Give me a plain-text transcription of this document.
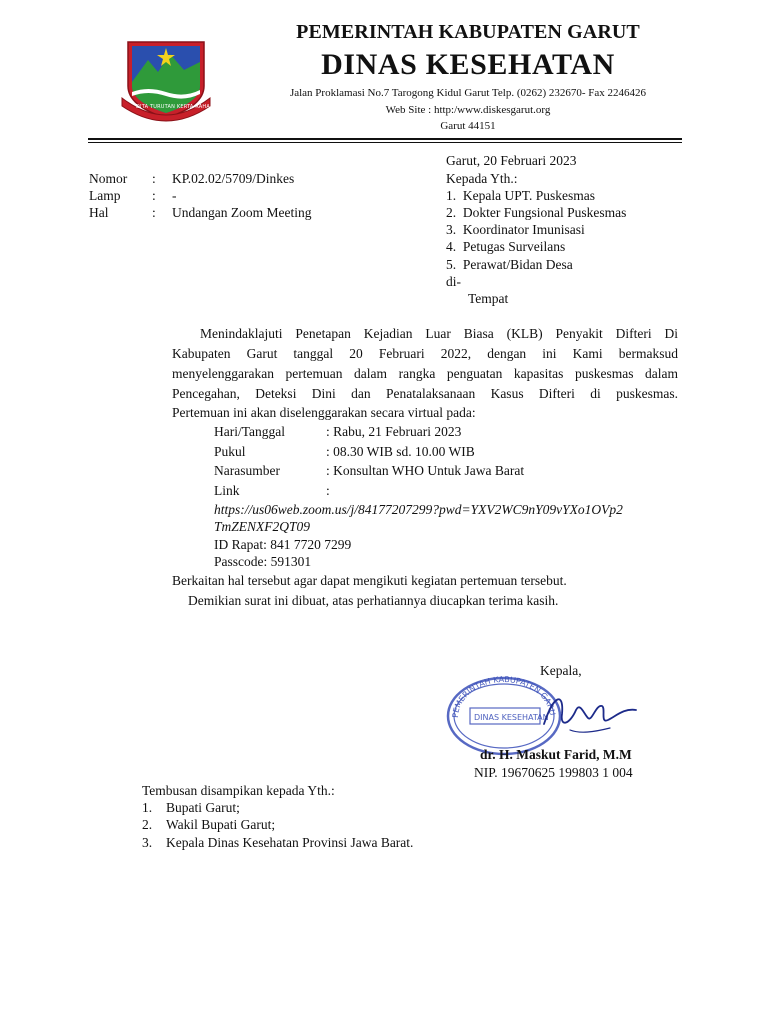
DITA TURUTAN KERTA RAHARJA
PEMERINTAH KABUPATEN GARUT
DINAS KESEHATAN
Jalan Proklamasi No.7 Tarogong Kidul Garut Telp. (0262) 232670- Fax 2246426
Web Site : http:/www.diskesgarut.org
Garut 44151
Garut, 20 Februari 2023
Nomor	:	KP.02.02/5709/Dinkes
Lamp	:	-
Hal	:	Undangan Zoom Meeting
Kepada Yth.:
1.  Kepala UPT. Puskesmas
2.  Dokter Fungsional Puskesmas
3.  Koordinator Imunisasi
4.  Petugas Surveilans
5.  Perawat/Bidan Desa
di-
Tempat
Menindaklajuti Penetapan Kejadian Luar Biasa (KLB) Penyakit Difteri Di
Kabupaten Garut tanggal 20 Februari 2022, dengan ini Kami bermaksud
menyelenggarakan pertemuan dalam rangka penguatan kapasitas puskesmas dalam
Pencegahan, Deteksi Dini dan Penatalaksanaan Kasus Difteri di puskesmas.
Pertemuan ini akan diselenggarakan secara virtual pada:
Hari/Tanggal	: Rabu, 21 Februari 2023
Pukul	: 08.30 WIB sd. 10.00 WIB
Narasumber	: Konsultan WHO Untuk Jawa Barat
Link	:
https://us06web.zoom.us/j/84177207299?pwd=YXV2WC9nY09vYXo1OVp2
TmZENXF2QT09
ID Rapat: 841 7720 7299
Passcode: 591301
Berkaitan hal tersebut agar dapat mengikuti kegiatan pertemuan tersebut.
Demikian surat ini dibuat, atas perhatiannya diucapkan terima kasih.
Kepala,
PEMERINTAH KABUPATEN GARU
DINAS KESEHATAN
dr. H. Maskut Farid, M.M
NIP. 19670625 199803 1 004
Tembusan disampikan kepada Yth.:
1. Bupati Garut;
2. Wakil Bupati Garut;
3. Kepala Dinas Kesehatan Provinsi Jawa Barat.
